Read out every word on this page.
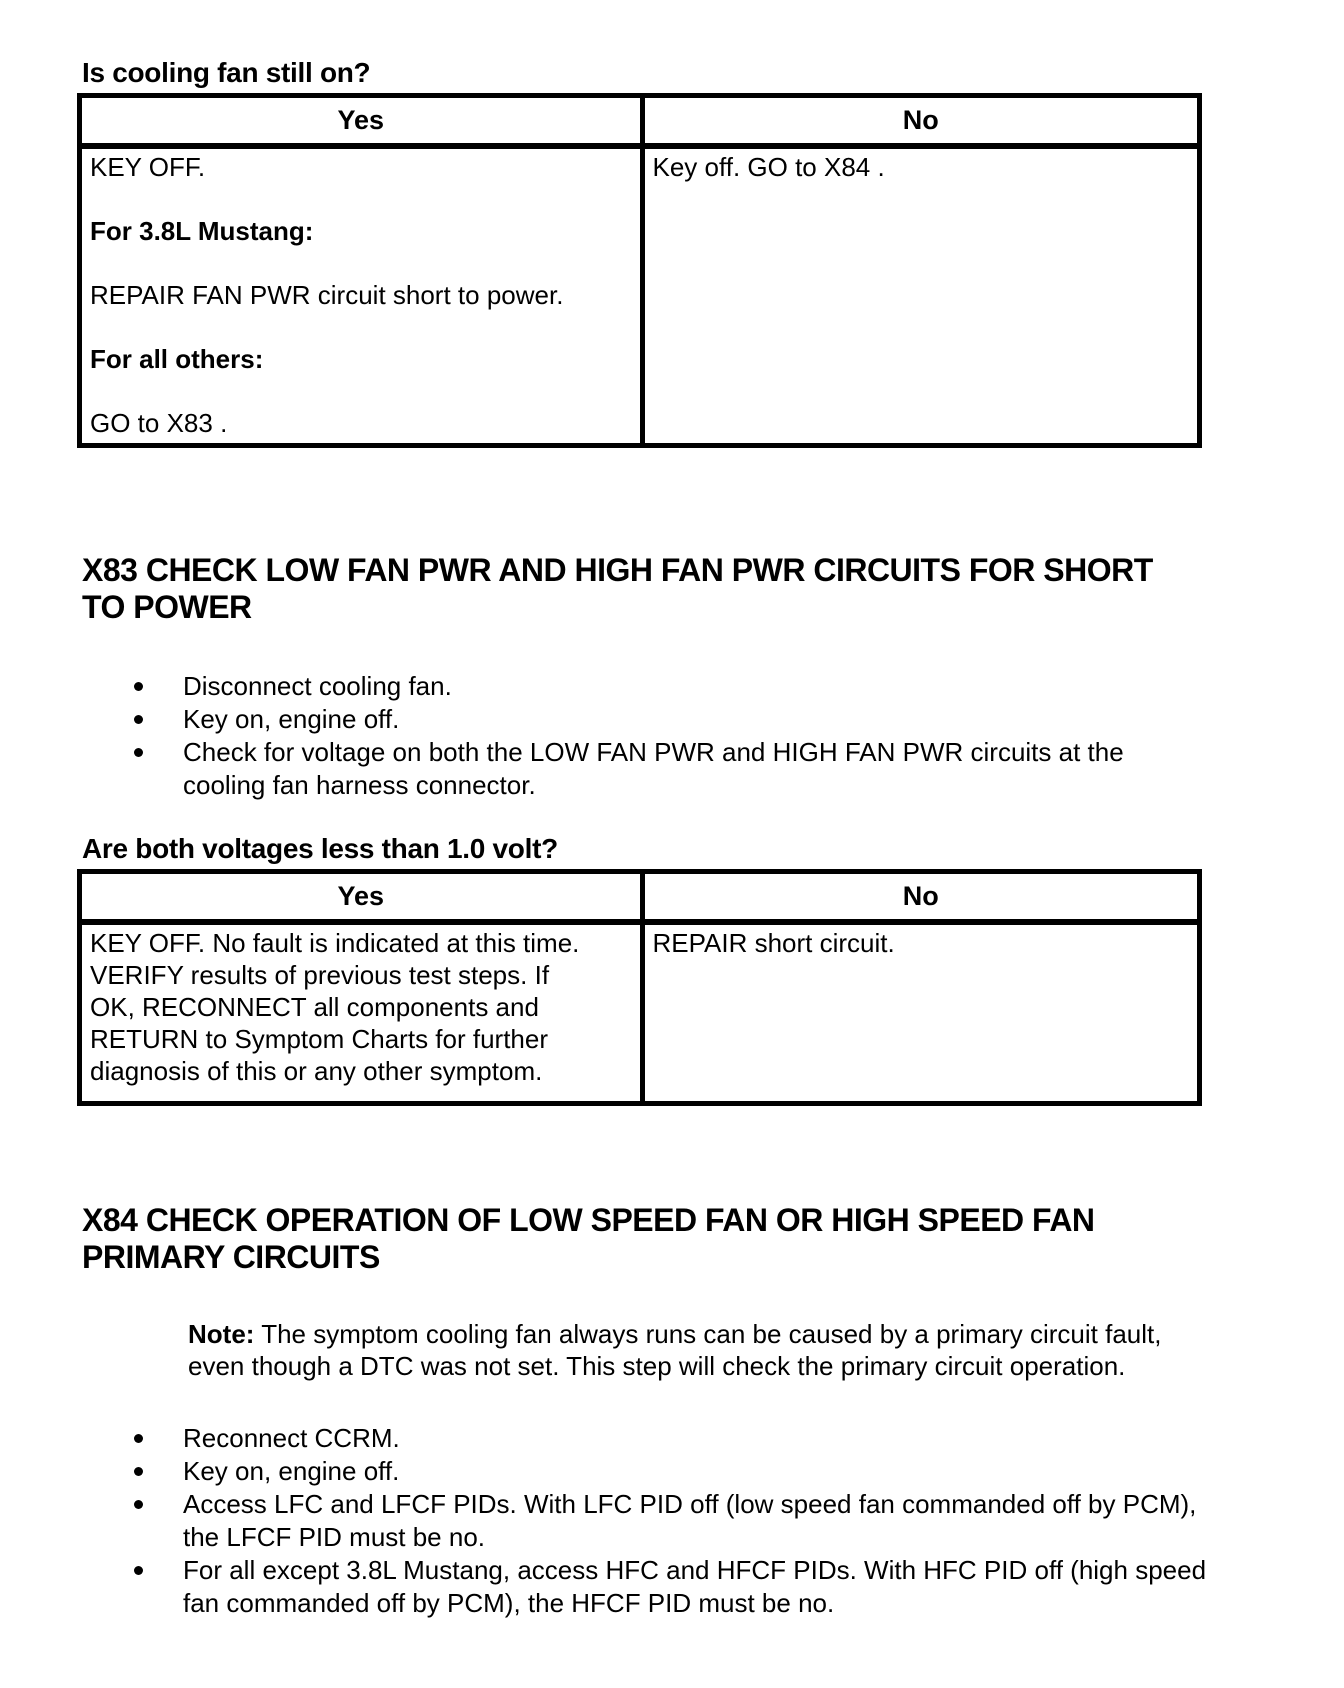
Is cooling fan still on?
Yes	No

KEY OFF.

For 3.8L Mustang:

REPAIR FAN PWR circuit short to power.

For all others:

GO to X83 .	Key off. GO to X84 .
X83 CHECK LOW FAN PWR AND HIGH FAN PWR CIRCUITS FOR SHORT
TO POWER
Disconnect cooling fan.
Key on, engine off.
Check for voltage on both the LOW FAN PWR and HIGH FAN PWR circuits at the
cooling fan harness connector.
Are both voltages less than 1.0 volt?
Yes	No

KEY OFF. No fault is indicated at this time.
VERIFY results of previous test steps. If
OK, RECONNECT all components and
RETURN to Symptom Charts for further
diagnosis of this or any other symptom.	REPAIR short circuit.
X84 CHECK OPERATION OF LOW SPEED FAN OR HIGH SPEED FAN
PRIMARY CIRCUITS
Note: The symptom cooling fan always runs can be caused by a primary circuit fault,
even though a DTC was not set. This step will check the primary circuit operation.
Reconnect CCRM.
Key on, engine off.
Access LFC and LFCF PIDs. With LFC PID off (low speed fan commanded off by PCM),
the LFCF PID must be no.
For all except 3.8L Mustang, access HFC and HFCF PIDs. With HFC PID off (high speed
fan commanded off by PCM), the HFCF PID must be no.
